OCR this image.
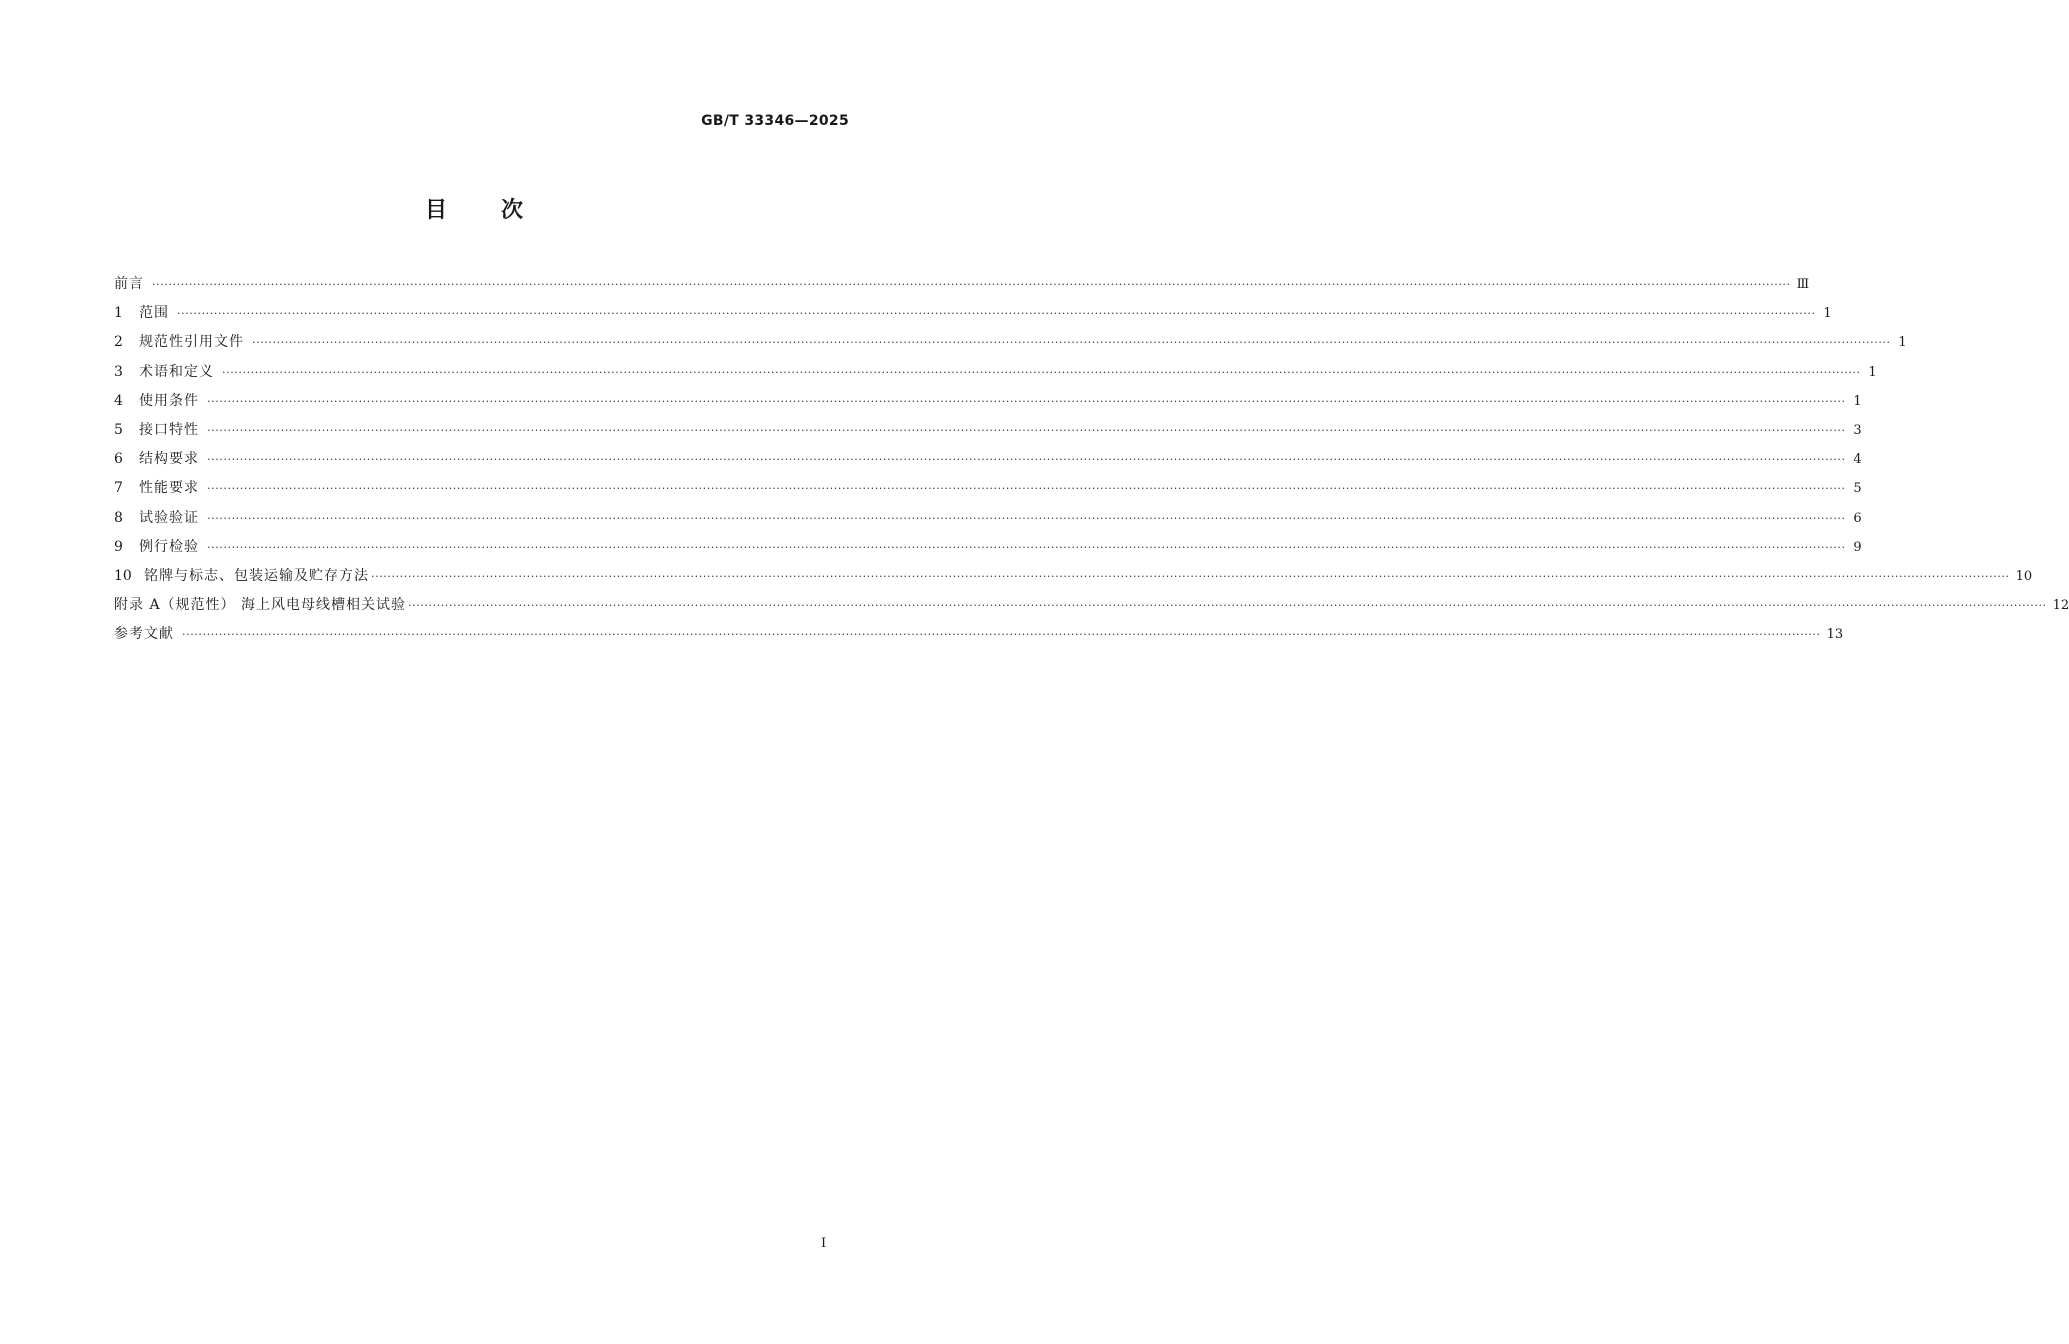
GB/T 33346—2025
目 次
前言 ················································································································································································································································································································································································································ Ⅲ
1	范围 ················································································································································································································································································································································································································ 1
2	规范性引用文件 ················································································································································································································································································································································································································ 1
3	术语和定义 ················································································································································································································································································································································································································ 1
4	使用条件 ················································································································································································································································································································································································································ 1
5	接口特性 ················································································································································································································································································································································································································ 3
6	结构要求 ················································································································································································································································································································································································································ 4
7	性能要求 ················································································································································································································································································································································································································ 5
8	试验验证 ················································································································································································································································································································································································································ 6
9	例行检验 ················································································································································································································································································································································································································ 9
10 铭牌与标志、包装运输及贮存方法 ················································································································································································································································································································································································································ 10
附录 A（规范性） 海上风电母线槽相关试验 ················································································································································································································································································································································································································ 12
参考文献 ················································································································································································································································································································································································································ 13
I
